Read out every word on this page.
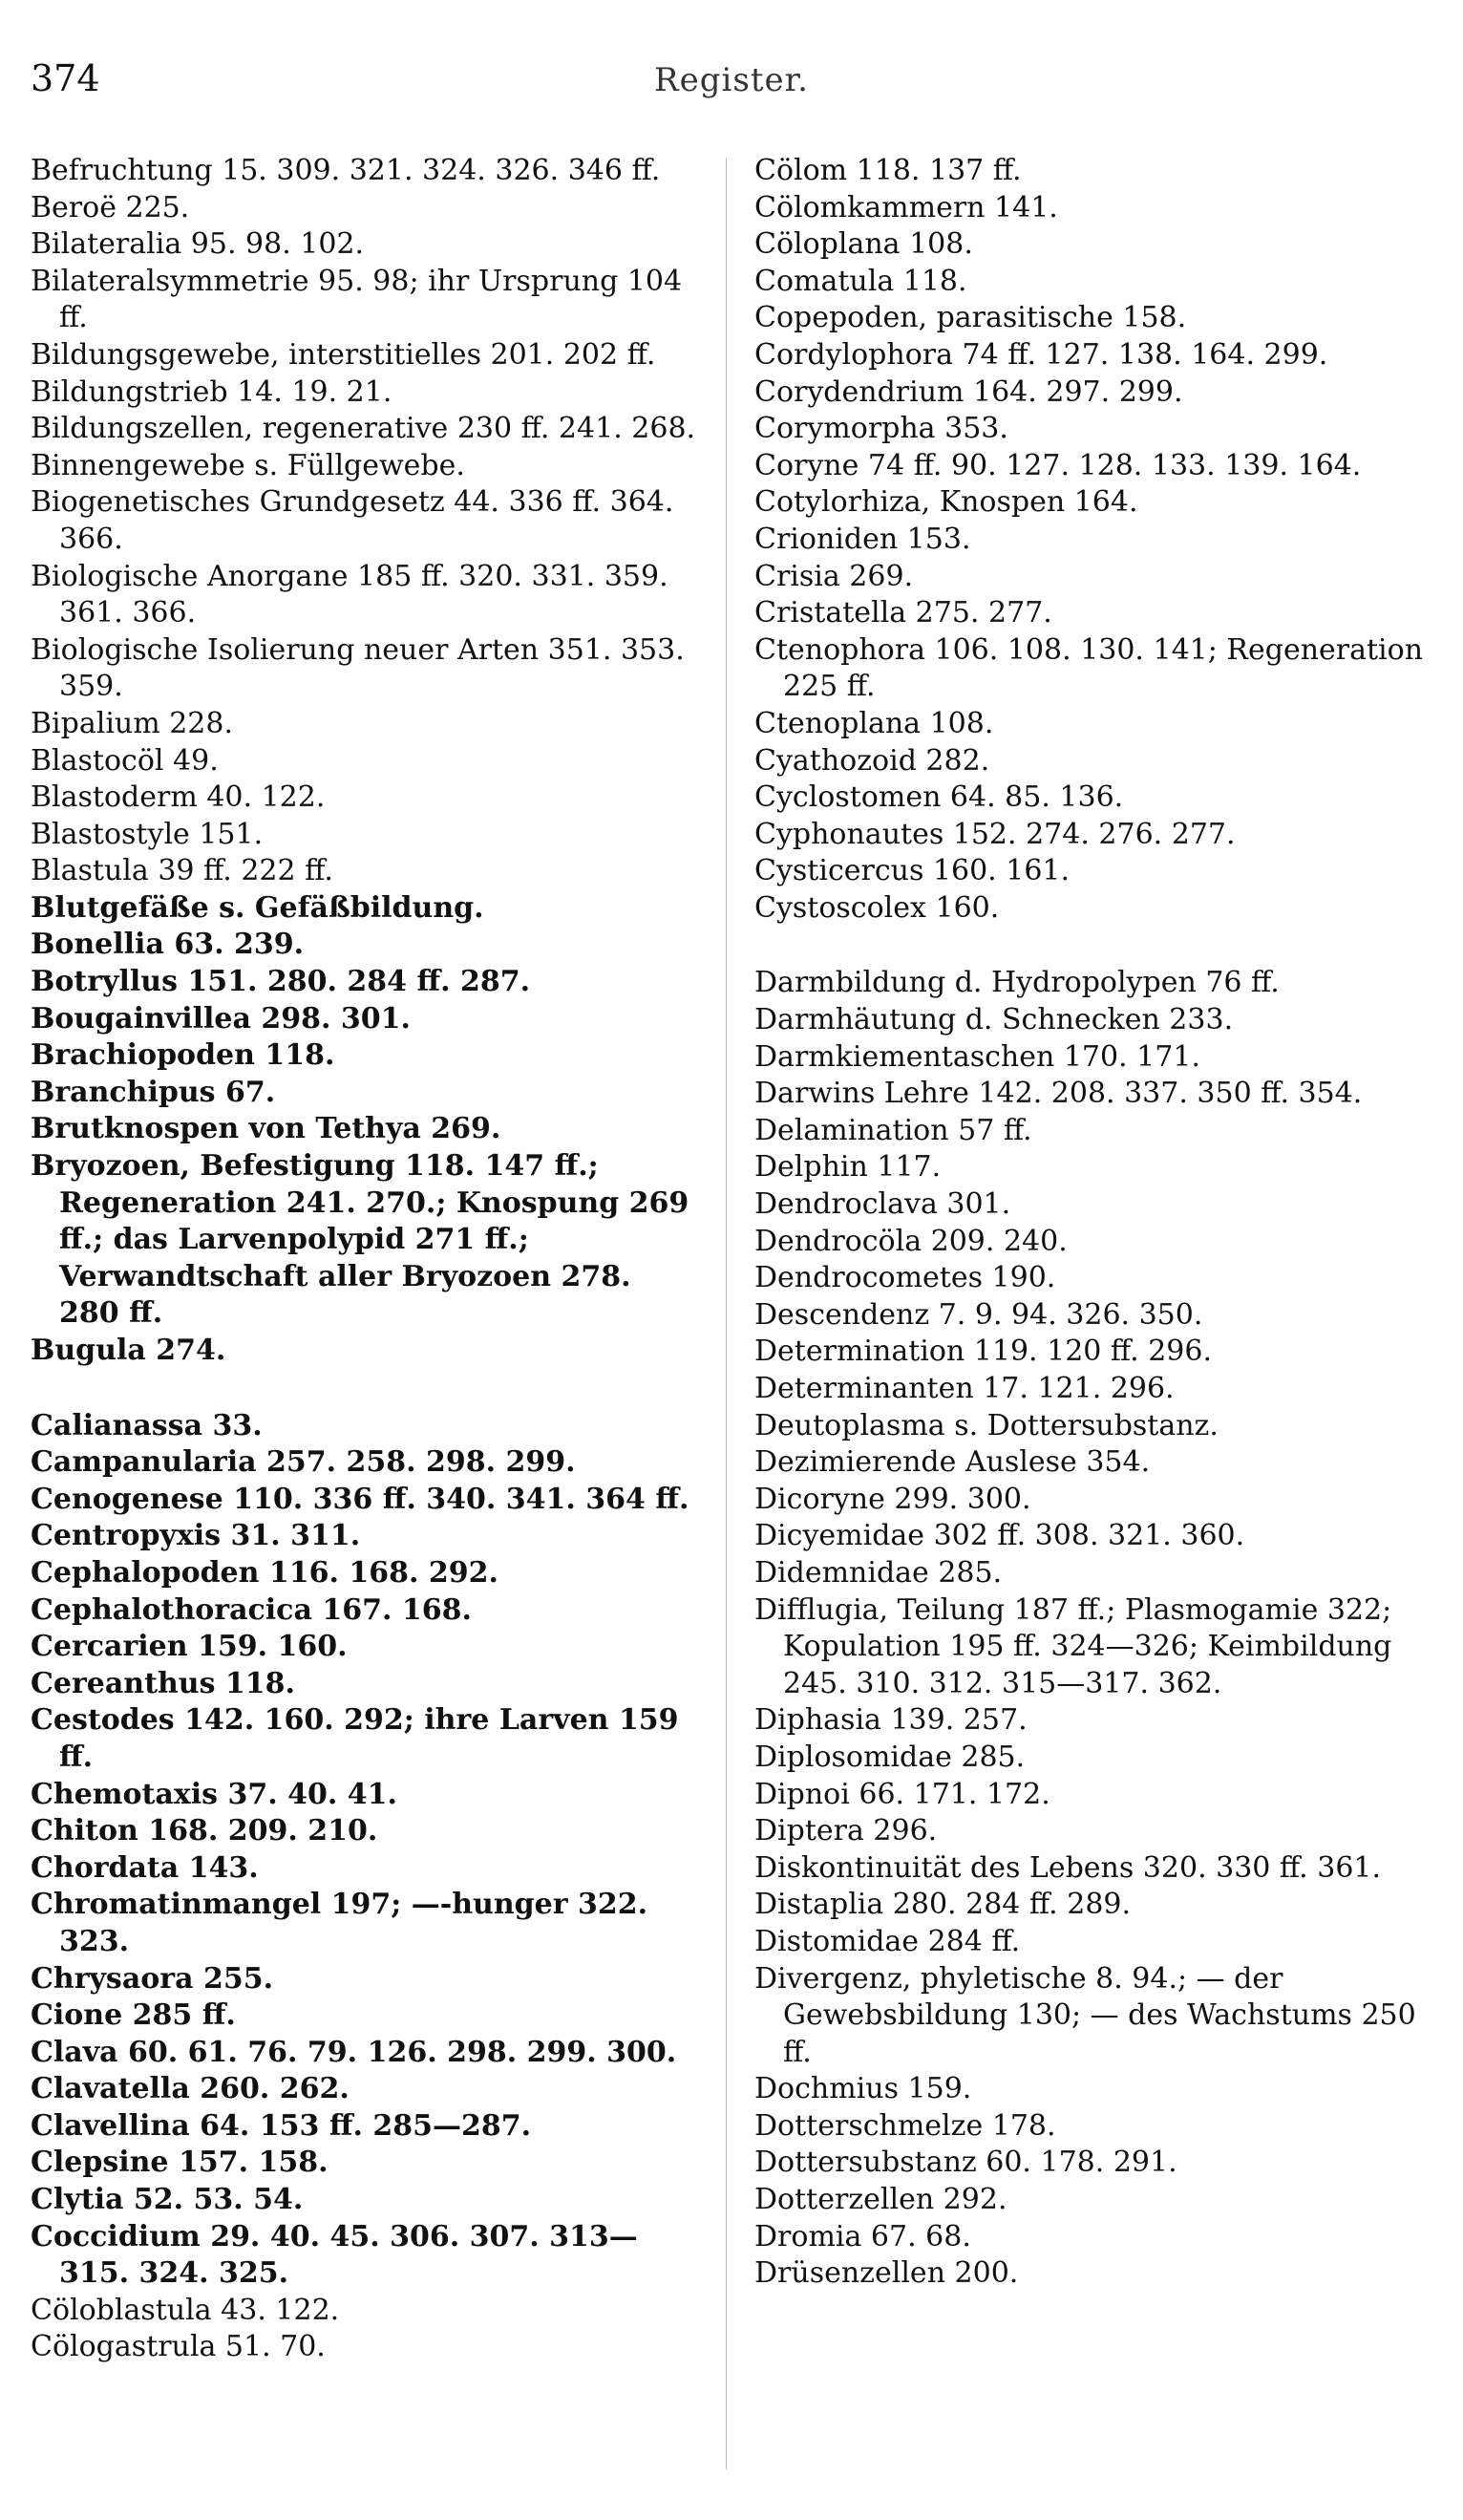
374	Register.
Befruchtung 15. 309. 321. 324. 326. 346 ff.
Beroë 225.
Bilateralia 95. 98. 102.
Bilateralsymmetrie 95. 98; ihr Ursprung 104 ff.
Bildungsgewebe, interstitielles 201. 202 ff.
Bildungstrieb 14. 19. 21.
Bildungszellen, regenerative 230 ff. 241. 268.
Binnengewebe s. Füllgewebe.
Biogenetisches Grundgesetz 44. 336 ff. 364. 366.
Biologische Anorgane 185 ff. 320. 331. 359. 361. 366.
Biologische Isolierung neuer Arten 351. 353. 359.
Bipalium 228.
Blastocöl 49.
Blastoderm 40. 122.
Blastostyle 151.
Blastula 39 ff. 222 ff.
Blutgefäße s. Gefäßbildung.
Bonellia 63. 239.
Botryllus 151. 280. 284 ff. 287.
Bougainvillea 298. 301.
Brachiopoden 118.
Branchipus 67.
Brutknospen von Tethya 269.
Bryozoen, Befestigung 118. 147 ff.; Regeneration 241. 270.; Knospung 269 ff.; das Larvenpolypid 271 ff.; Verwandtschaft aller Bryozoen 278. 280 ff.
Bugula 274.
Calianassa 33.
Campanularia 257. 258. 298. 299.
Cenogenese 110. 336 ff. 340. 341. 364 ff.
Centropyxis 31. 311.
Cephalopoden 116. 168. 292.
Cephalothoracica 167. 168.
Cercarien 159. 160.
Cereanthus 118.
Cestodes 142. 160. 292; ihre Larven 159 ff.
Chemotaxis 37. 40. 41.
Chiton 168. 209. 210.
Chordata 143.
Chromatinmangel 197; —-hunger 322. 323.
Chrysaora 255.
Cione 285 ff.
Clava 60. 61. 76. 79. 126. 298. 299. 300.
Clavatella 260. 262.
Clavellina 64. 153 ff. 285—287.
Clepsine 157. 158.
Clytia 52. 53. 54.
Coccidium 29. 40. 45. 306. 307. 313—315. 324. 325.
Cöloblastula 43. 122.
Cölogastrula 51. 70.
Cölom 118. 137 ff.
Cölomkammern 141.
Cöloplana 108.
Comatula 118.
Copepoden, parasitische 158.
Cordylophora 74 ff. 127. 138. 164. 299.
Corydendrium 164. 297. 299.
Corymorpha 353.
Coryne 74 ff. 90. 127. 128. 133. 139. 164.
Cotylorhiza, Knospen 164.
Crioniden 153.
Crisia 269.
Cristatella 275. 277.
Ctenophora 106. 108. 130. 141; Regeneration 225 ff.
Ctenoplana 108.
Cyathozoid 282.
Cyclostomen 64. 85. 136.
Cyphonautes 152. 274. 276. 277.
Cysticercus 160. 161.
Cystoscolex 160.
Darmbildung d. Hydropolypen 76 ff.
Darmhäutung d. Schnecken 233.
Darmkiementaschen 170. 171.
Darwins Lehre 142. 208. 337. 350 ff. 354.
Delamination 57 ff.
Delphin 117.
Dendroclava 301.
Dendrocöla 209. 240.
Dendrocometes 190.
Descendenz 7. 9. 94. 326. 350.
Determination 119. 120 ff. 296.
Determinanten 17. 121. 296.
Deutoplasma s. Dottersubstanz.
Dezimierende Auslese 354.
Dicoryne 299. 300.
Dicyemidae 302 ff. 308. 321. 360.
Didemnidae 285.
Difflugia, Teilung 187 ff.; Plasmogamie 322; Kopulation 195 ff. 324—326; Keimbildung 245. 310. 312. 315—317. 362.
Diphasia 139. 257.
Diplosomidae 285.
Dipnoi 66. 171. 172.
Diptera 296.
Diskontinuität des Lebens 320. 330 ff. 361.
Distaplia 280. 284 ff. 289.
Distomidae 284 ff.
Divergenz, phyletische 8. 94.; — der Gewebsbildung 130; — des Wachstums 250 ff.
Dochmius 159.
Dotterschmelze 178.
Dottersubstanz 60. 178. 291.
Dotterzellen 292.
Dromia 67. 68.
Drüsenzellen 200.
